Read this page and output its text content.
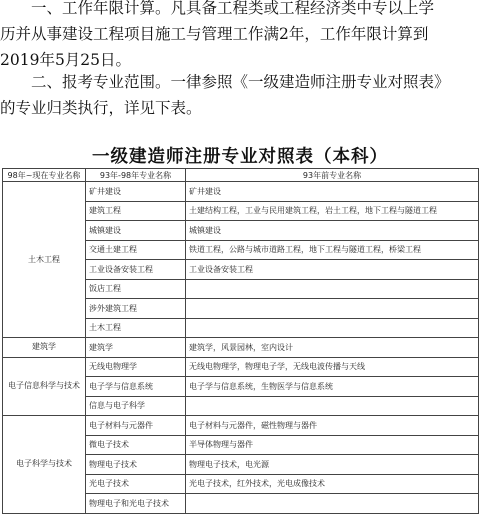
一、工作年限计算。凡具备工程类或工程经济类中专以上学
历并从事建设工程项目施工与管理工作满2年，工作年限计算到
2019年5月25日。
二、报考专业范围。一律参照《一级建造师注册专业对照表》
的专业归类执行，详见下表。
一级建造师注册专业对照表（本科）
98年~现在专业名称	93年-98年专业名称	93年前专业名称
土木工程	矿井建设	矿井建设
	建筑工程	土建结构工程，工业与民用建筑工程，岩土工程，地下工程与隧道工程
	城镇建设	城镇建设
	交通土建工程	铁道工程，公路与城市道路工程，地下工程与隧道工程，桥梁工程
	工业设备安装工程	工业设备安装工程
	饭店工程	
	涉外建筑工程	
	土木工程	
建筑学	建筑学	建筑学，风景园林，室内设计
电子信息科学与技术	无线电物理学	无线电物理学，物理电子学，无线电波传播与天线
	电子学与信息系统	电子学与信息系统，生物医学与信息系统
	信息与电子科学	
电子科学与技术	电子材料与元器件	电子材料与元器件，磁性物理与器件
	微电子技术	半导体物理与器件
	物理电子技术	物理电子技术，电光源
	光电子技术	光电子技术，红外技术，光电成像技术
	物理电子和光电子技术	
